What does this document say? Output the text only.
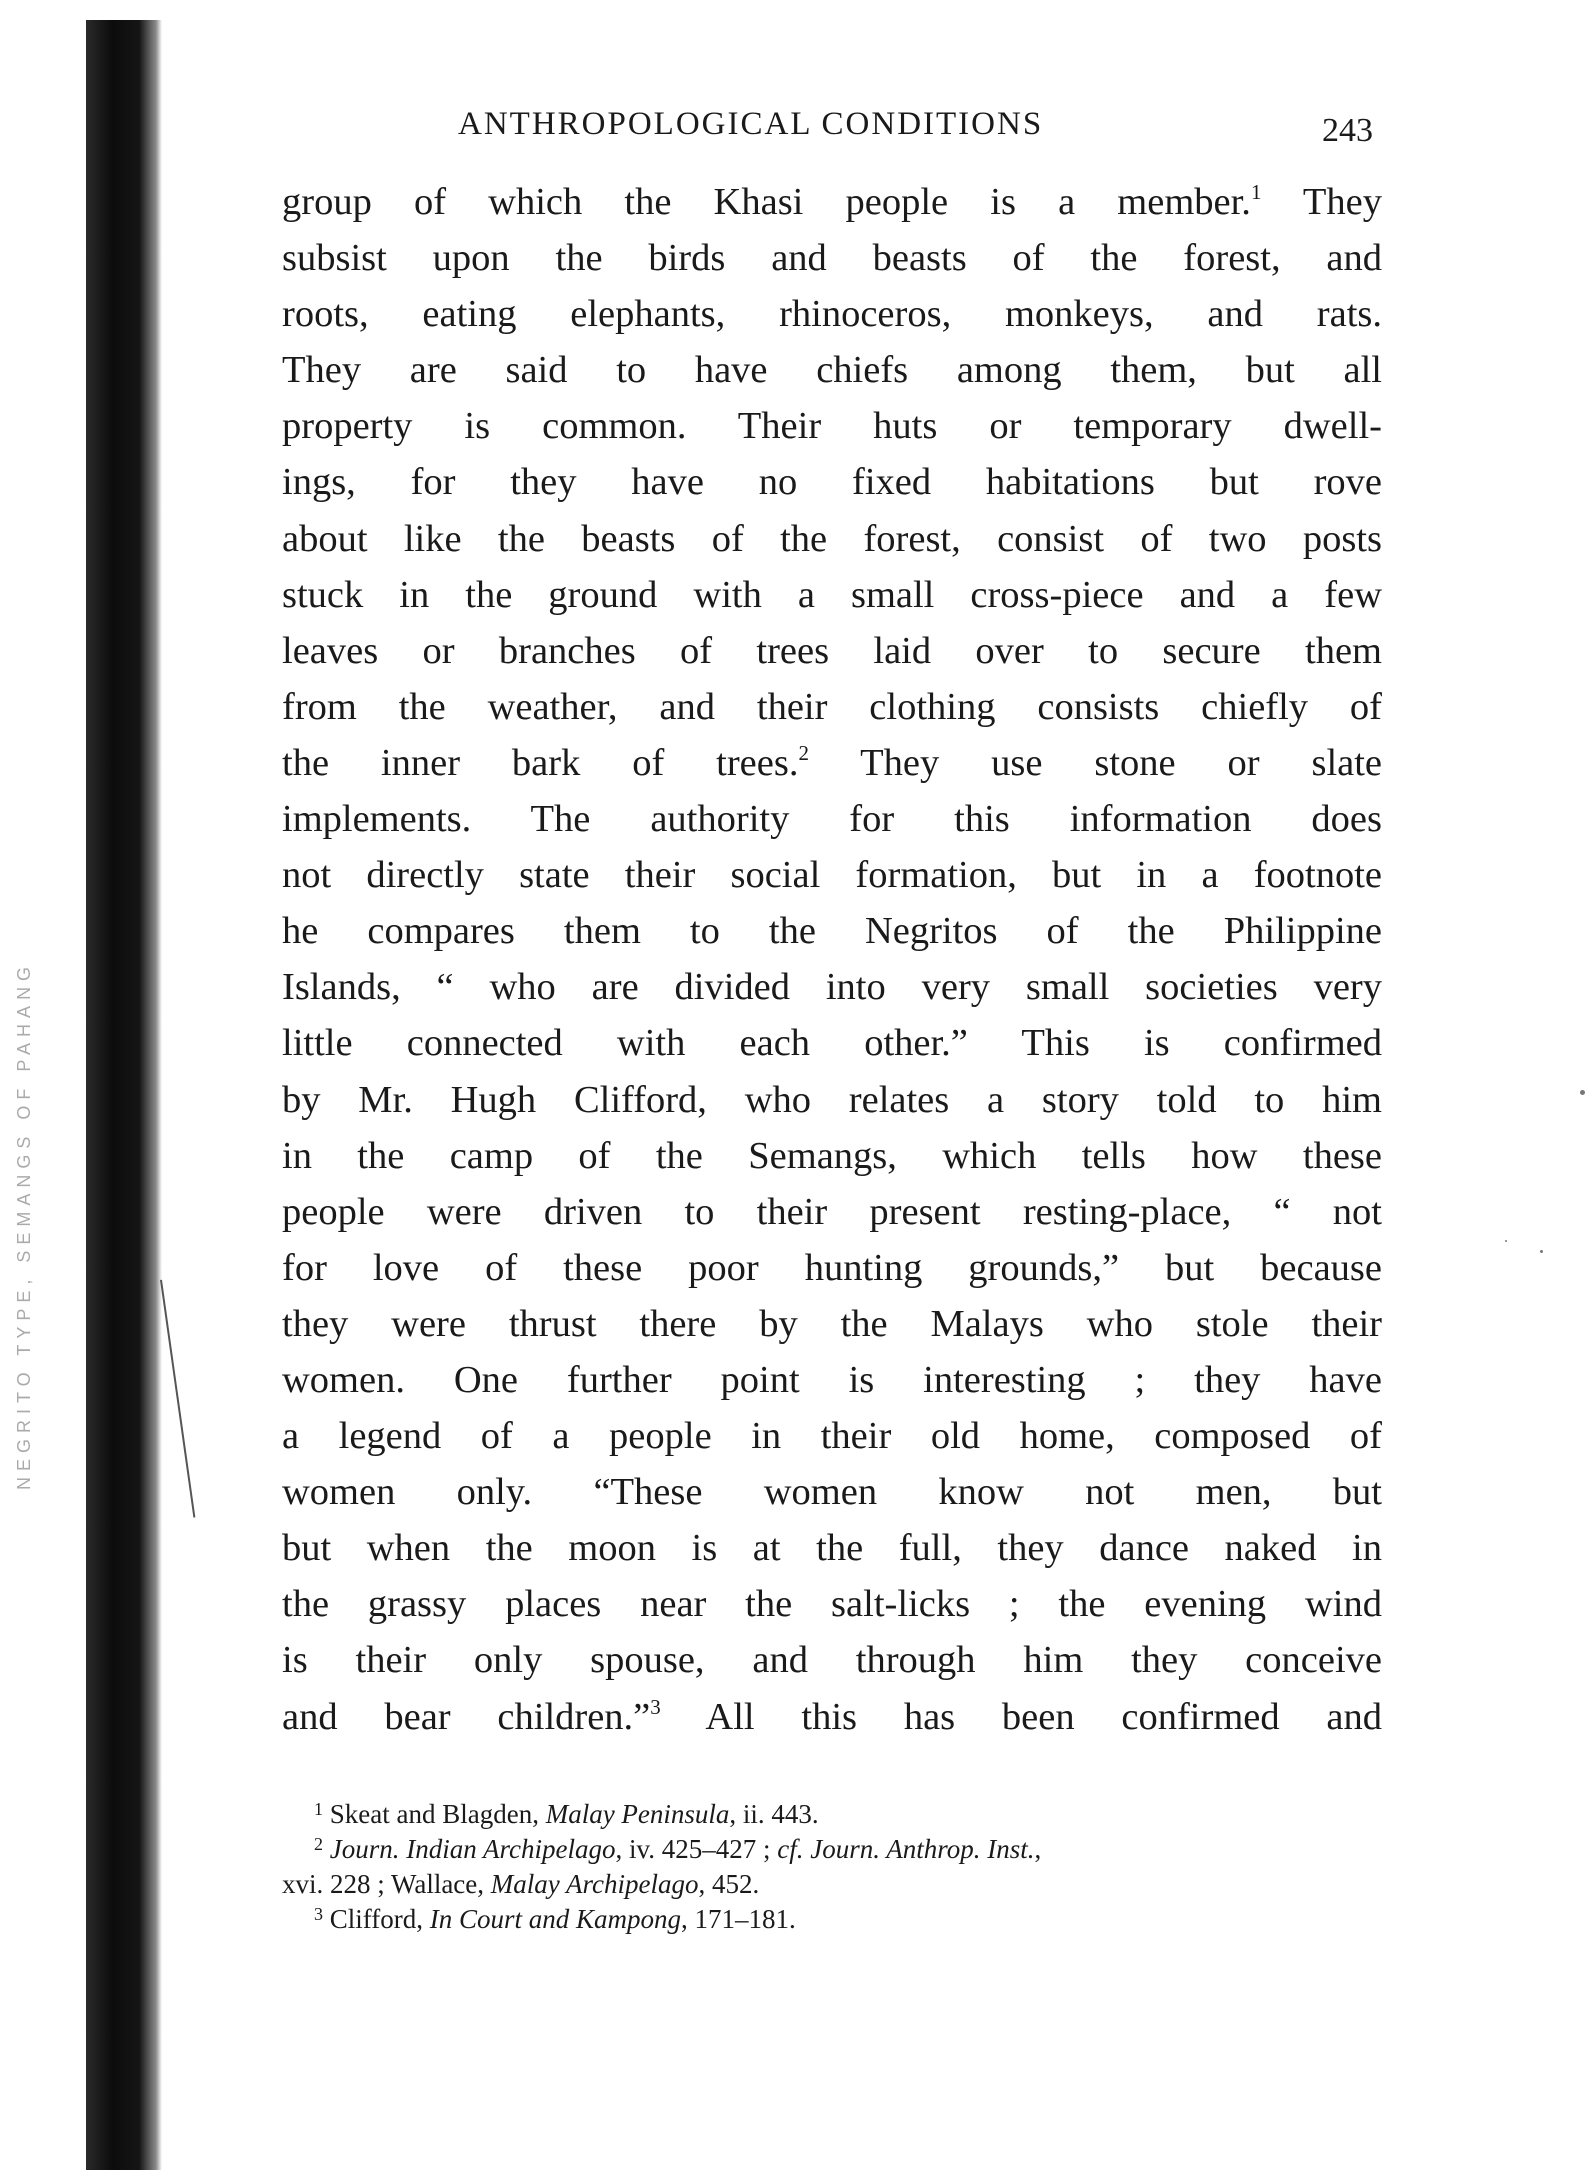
NEGRITO TYPE, SEMANGS OF PAHANG
ANTHROPOLOGICAL CONDITIONS	243
group of which the Khasi people is a member.$^1$ They
subsist upon the birds and beasts of the forest, and
roots, eating elephants, rhinoceros, monkeys, and rats.
They are said to have chiefs among them, but all
property is common. Their huts or temporary dwell-
ings, for they have no fixed habitations but rove
about like the beasts of the forest, consist of two posts
stuck in the ground with a small cross-piece and a few
leaves or branches of trees laid over to secure them
from the weather, and their clothing consists chiefly of
the inner bark of trees.$^2$ They use stone or slate
implements. The authority for this information does
not directly state their social formation, but in a footnote
he compares them to the Negritos of the Philippine
Islands, “ who are divided into very small societies very
little connected with each other.” This is confirmed
by Mr. Hugh Clifford, who relates a story told to him
in the camp of the Semangs, which tells how these
people were driven to their present resting-place, “ not
for love of these poor hunting grounds,” but because
they were thrust there by the Malays who stole their
women. One further point is interesting ; they have
a legend of a people in their old home, composed of
women only. “These women know not men, but
but when the moon is at the full, they dance naked in
the grassy places near the salt-licks ; the evening wind
is their only spouse, and through him they conceive
and bear children.”$^3$ All this has been confirmed and
$^1$ Skeat and Blagden, Malay Peninsula, ii. 443.
$^2$ Journ. Indian Archipelago, iv. 425–427 ; cf. Journ. Anthrop. Inst.,
xvi. 228 ; Wallace, Malay Archipelago, 452.
$^3$ Clifford, In Court and Kampong, 171–181.
